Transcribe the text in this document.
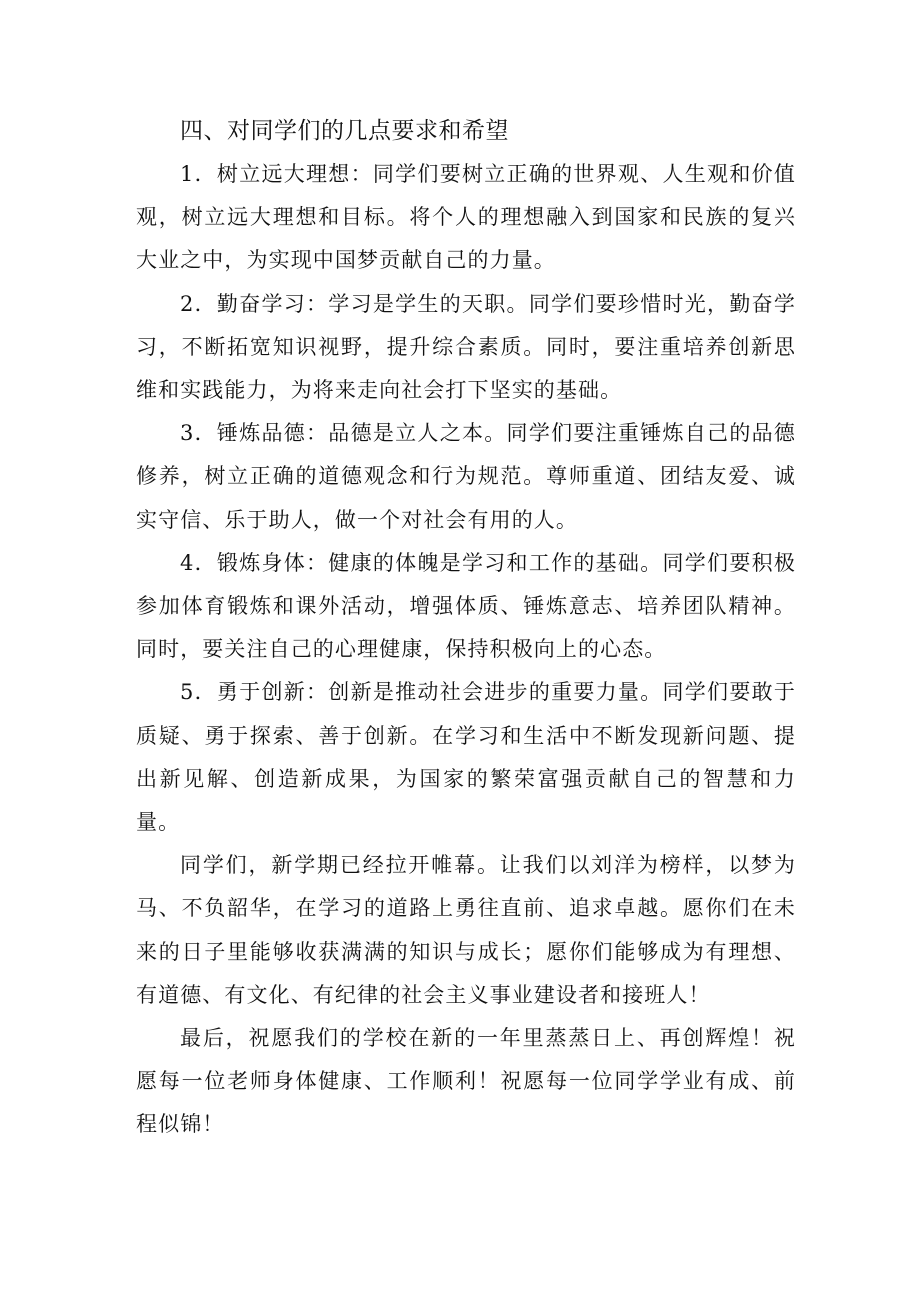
四、对同学们的几点要求和希望

1．树立远大理想：同学们要树立正确的世界观、人生观和价值观，树立远大理想和目标。将个人的理想融入到国家和民族的复兴大业之中，为实现中国梦贡献自己的力量。

2．勤奋学习：学习是学生的天职。同学们要珍惜时光，勤奋学习，不断拓宽知识视野，提升综合素质。同时，要注重培养创新思维和实践能力，为将来走向社会打下坚实的基础。

3．锤炼品德：品德是立人之本。同学们要注重锤炼自己的品德修养，树立正确的道德观念和行为规范。尊师重道、团结友爱、诚实守信、乐于助人，做一个对社会有用的人。

4．锻炼身体：健康的体魄是学习和工作的基础。同学们要积极参加体育锻炼和课外活动，增强体质、锤炼意志、培养团队精神。同时，要关注自己的心理健康，保持积极向上的心态。

5．勇于创新：创新是推动社会进步的重要力量。同学们要敢于质疑、勇于探索、善于创新。在学习和生活中不断发现新问题、提出新见解、创造新成果，为国家的繁荣富强贡献自己的智慧和力量。

同学们，新学期已经拉开帷幕。让我们以刘洋为榜样，以梦为马、不负韶华，在学习的道路上勇往直前、追求卓越。愿你们在未来的日子里能够收获满满的知识与成长；愿你们能够成为有理想、有道德、有文化、有纪律的社会主义事业建设者和接班人！

最后，祝愿我们的学校在新的一年里蒸蒸日上、再创辉煌！祝愿每一位老师身体健康、工作顺利！祝愿每一位同学学业有成、前程似锦！
